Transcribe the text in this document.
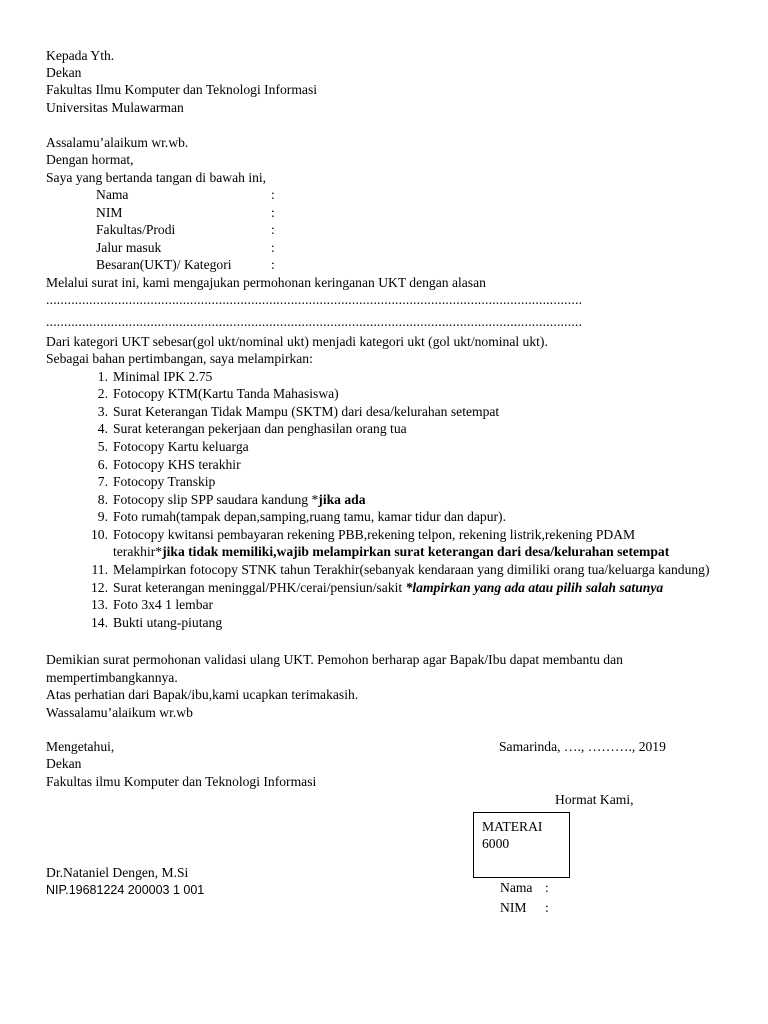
Kepada Yth.
Dekan
Fakultas Ilmu Komputer dan Teknologi Informasi
Universitas Mulawarman
Assalamu’alaikum wr.wb.
Dengan hormat,
Saya yang bertanda tangan di bawah ini,
Nama	:
NIM	:
Fakultas/Prodi	:
Jalur masuk	:
Besaran(UKT)/ Kategori	:
Melalui surat ini, kami mengajukan permohonan keringanan UKT dengan alasan
.....................................................................................................................................................
.....................................................................................................................................................
Dari kategori UKT sebesar(gol ukt/nominal ukt) menjadi kategori ukt (gol ukt/nominal ukt).
Sebagai bahan pertimbangan, saya melampirkan:
1. Minimal IPK 2.75
2. Fotocopy KTM(Kartu Tanda Mahasiswa)
3. Surat Keterangan Tidak Mampu (SKTM) dari desa/kelurahan setempat
4. Surat keterangan pekerjaan dan penghasilan orang tua
5. Fotocopy Kartu keluarga
6. Fotocopy KHS terakhir
7. Fotocopy Transkip
8. Fotocopy slip SPP saudara kandung *jika ada
9. Foto rumah(tampak depan,samping,ruang tamu, kamar tidur dan dapur).
10. Fotocopy kwitansi pembayaran rekening PBB,rekening telpon, rekening listrik,rekening PDAM
terakhir*jika tidak memiliki,wajib melampirkan surat keterangan dari desa/kelurahan setempat
11. Melampirkan fotocopy STNK tahun Terakhir(sebanyak kendaraan yang dimiliki orang tua/keluarga kandung)
12. Surat keterangan meninggal/PHK/cerai/pensiun/sakit *lampirkan yang ada atau pilih salah satunya
13. Foto 3x4 1 lembar
14. Bukti utang-piutang
Demikian surat permohonan validasi ulang UKT. Pemohon berharap agar Bapak/Ibu dapat membantu dan
mempertimbangkannya.
Atas perhatian dari Bapak/ibu,kami ucapkan terimakasih.
Wassalamu’alaikum wr.wb
Mengetahui,
Dekan
Fakultas ilmu Komputer dan Teknologi Informasi
Dr.Nataniel Dengen, M.Si
NIP.19681224 200003 1 001
Samarinda, …., ………., 2019
Hormat Kami,
MATERAI
6000
Nama :
NIM :
